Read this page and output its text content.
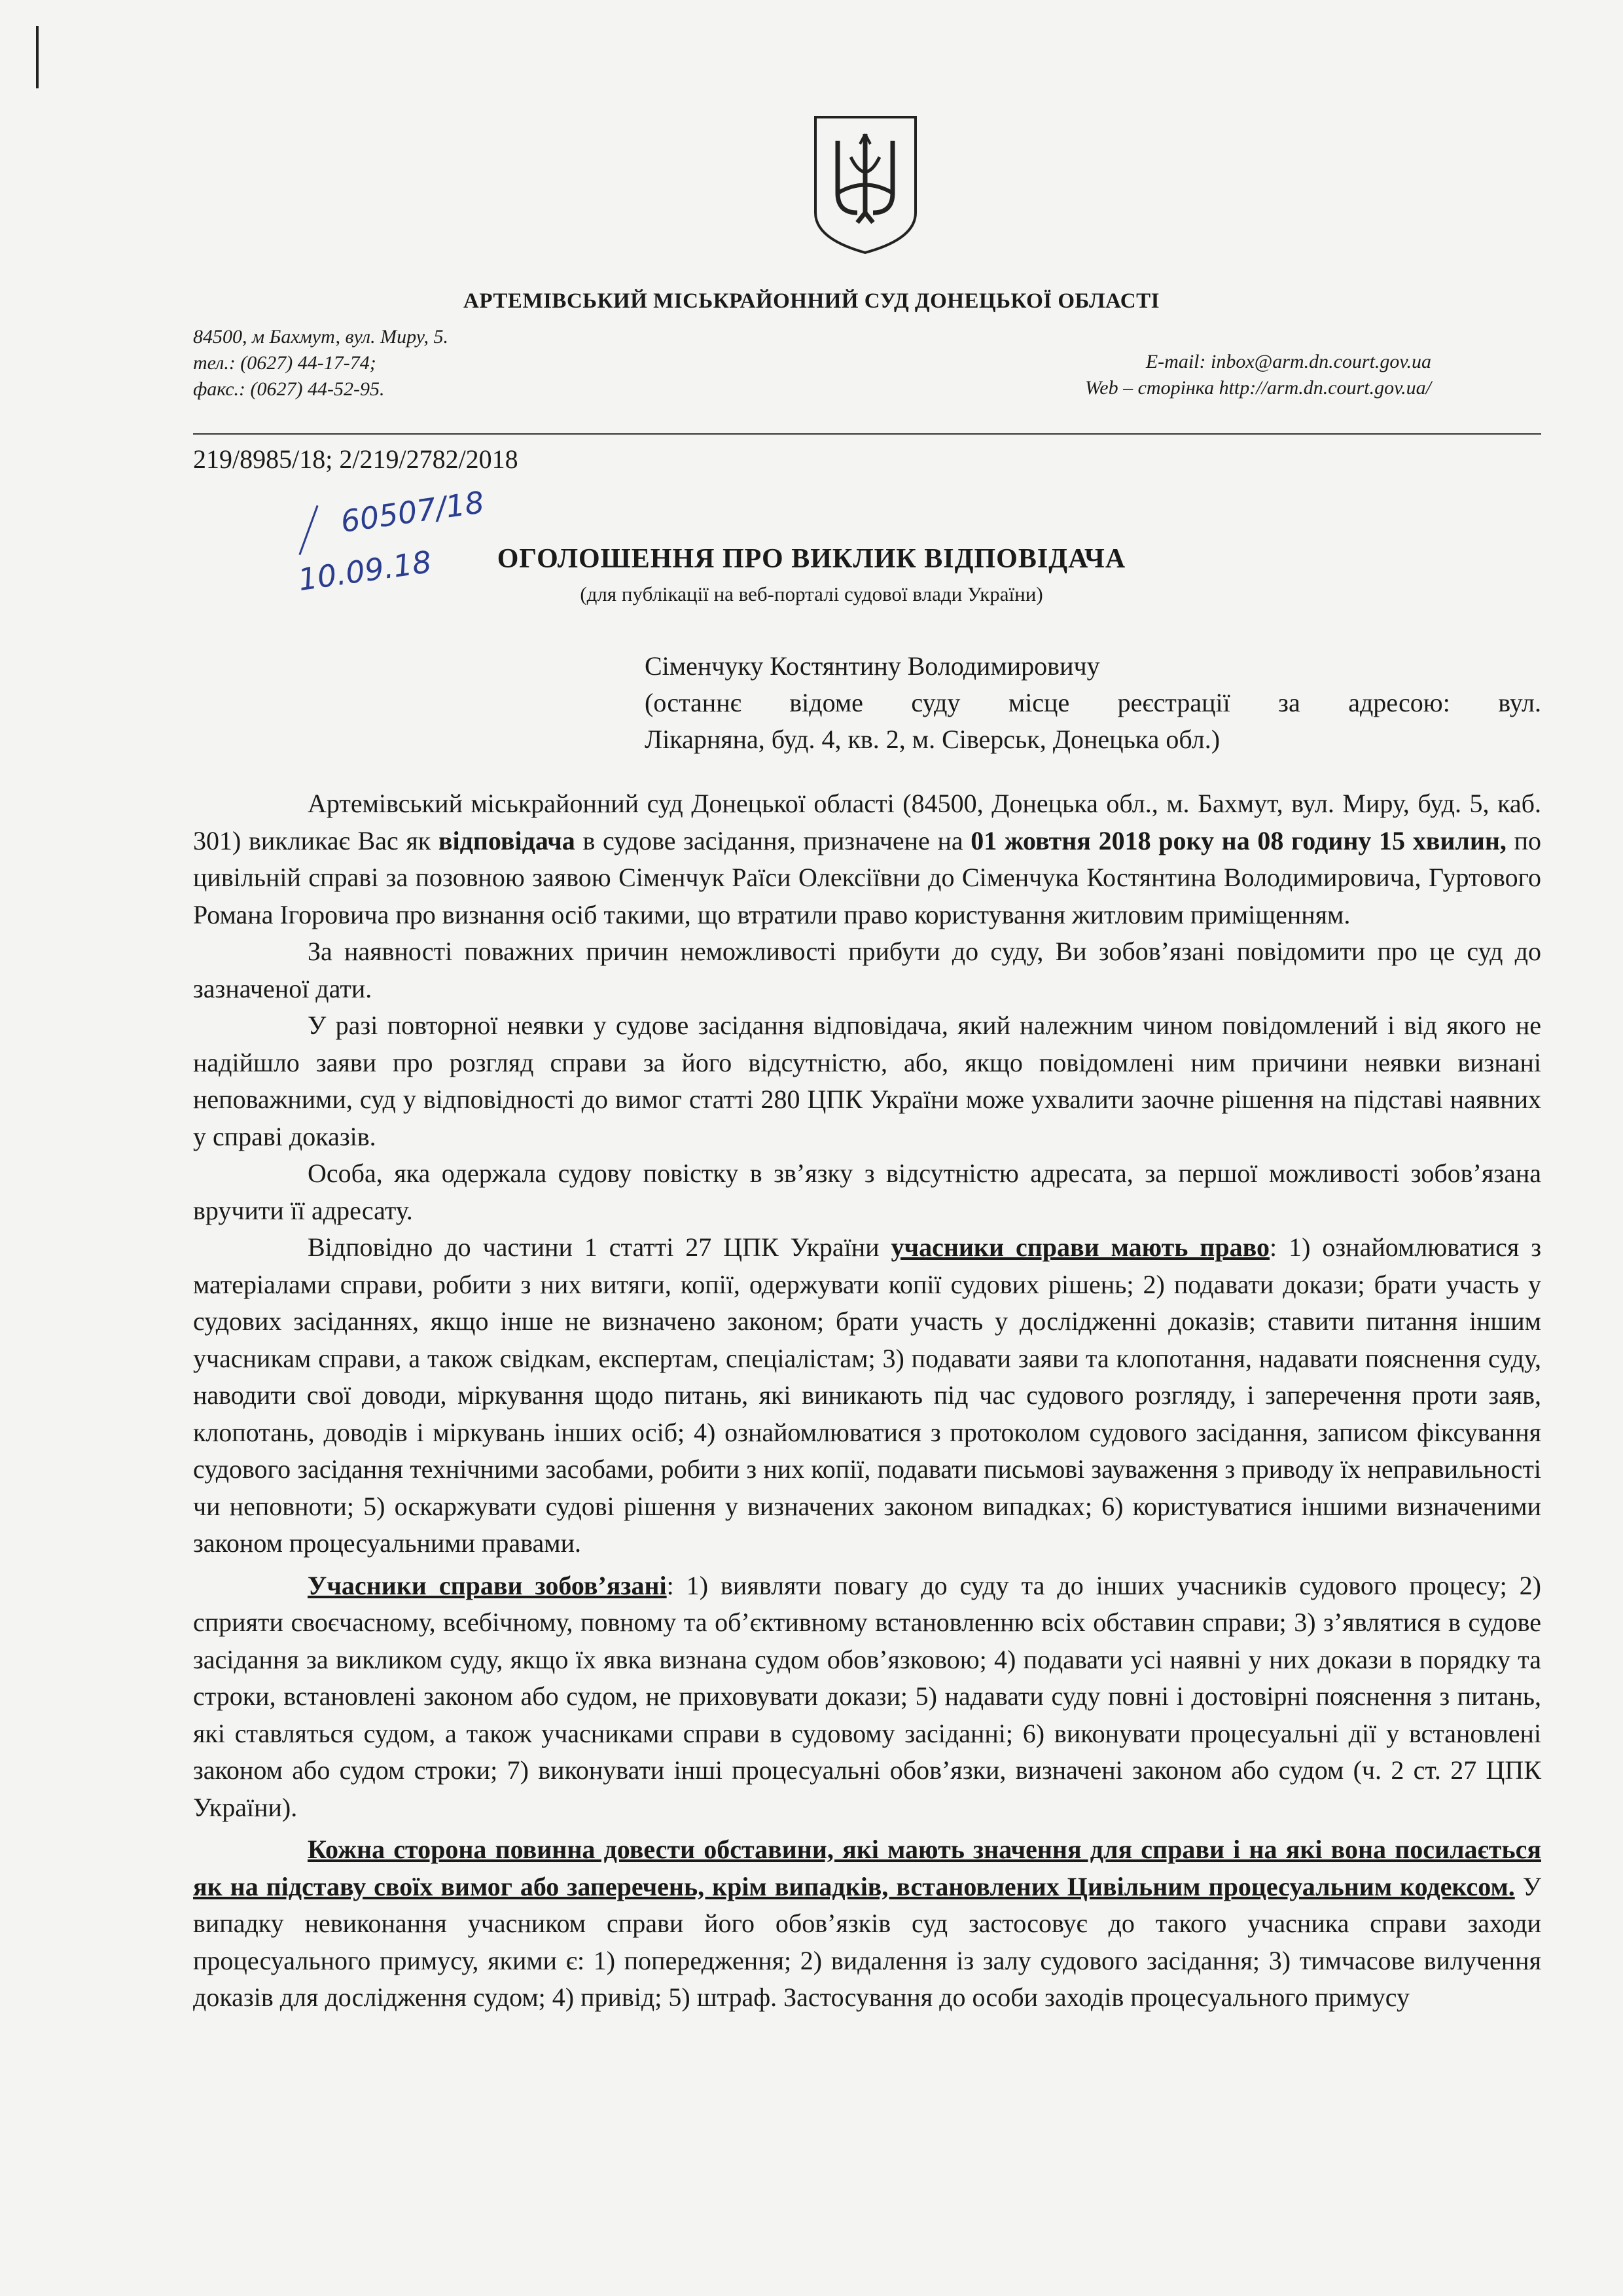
АРТЕМІВСЬКИЙ МІСЬКРАЙОННИЙ СУД ДОНЕЦЬКОЇ ОБЛАСТІ
84500, м Бахмут, вул. Миру, 5.
тел.: (0627) 44-17-74;
факс.: (0627) 44-52-95.
E-mail: inbox@arm.dn.court.gov.ua
Web – сторінка http://arm.dn.court.gov.ua/
219/8985/18; 2/219/2782/2018
60507/18
10.09.18	ОГОЛОШЕННЯ ПРО ВИКЛИК ВІДПОВІДАЧА
(для публікації на веб-порталі судової влади України)
Сіменчуку Костянтину Володимировичу
(останнє відоме суду місце реєстрації за адресою: вул.
Лікарняна, буд. 4, кв. 2, м. Сіверськ, Донецька обл.)

Артемівський міськрайонний суд Донецької області (84500, Донецька обл., м. Бахмут, вул. Миру, буд. 5, каб. 301) викликає Вас як відповідача в судове засідання, призначене на 01 жовтня 2018 року на 08 годину 15 хвилин, по цивільній справі за позовною заявою Сіменчук Раїси Олексіївни до Сіменчука Костянтина Володимировича, Гуртового Романа Ігоровича про визнання осіб такими, що втратили право користування житловим приміщенням.

За наявності поважних причин неможливості прибути до суду, Ви зобов’язані повідомити про це суд до зазначеної дати.

У разі повторної неявки у судове засідання відповідача, який належним чином повідомлений і від якого не надійшло заяви про розгляд справи за його відсутністю, або, якщо повідомлені ним причини неявки визнані неповажними, суд у відповідності до вимог статті 280 ЦПК України може ухвалити заочне рішення на підставі наявних у справі доказів.

Особа, яка одержала судову повістку в зв’язку з відсутністю адресата, за першої можливості зобов’язана вручити її адресату.

Відповідно до частини 1 статті 27 ЦПК України учасники справи мають право: 1) ознайомлюватися з матеріалами справи, робити з них витяги, копії, одержувати копії судових рішень; 2) подавати докази; брати участь у судових засіданнях, якщо інше не визначено законом; брати участь у дослідженні доказів; ставити питання іншим учасникам справи, а також свідкам, експертам, спеціалістам; 3) подавати заяви та клопотання, надавати пояснення суду, наводити свої доводи, міркування щодо питань, які виникають під час судового розгляду, і заперечення проти заяв, клопотань, доводів і міркувань інших осіб; 4) ознайомлюватися з протоколом судового засідання, записом фіксування судового засідання технічними засобами, робити з них копії, подавати письмові зауваження з приводу їх неправильності чи неповноти; 5) оскаржувати судові рішення у визначених законом випадках; 6) користуватися іншими визначеними законом процесуальними правами.

Учасники справи зобов’язані: 1) виявляти повагу до суду та до інших учасників судового процесу; 2) сприяти своєчасному, всебічному, повному та об’єктивному встановленню всіх обставин справи; 3) з’являтися в судове засідання за викликом суду, якщо їх явка визнана судом обов’язковою; 4) подавати усі наявні у них докази в порядку та строки, встановлені законом або судом, не приховувати докази; 5) надавати суду повні і достовірні пояснення з питань, які ставляться судом, а також учасниками справи в судовому засіданні; 6) виконувати процесуальні дії у встановлені законом або судом строки; 7) виконувати інші процесуальні обов’язки, визначені законом або судом (ч. 2 ст. 27 ЦПК України).

Кожна сторона повинна довести обставини, які мають значення для справи і на які вона посилається як на підставу своїх вимог або заперечень, крім випадків, встановлених Цивільним процесуальним кодексом. У випадку невиконання учасником справи його обов’язків суд застосовує до такого учасника справи заходи процесуального примусу, якими є: 1) попередження; 2) видалення із залу судового засідання; 3) тимчасове вилучення доказів для дослідження судом; 4) привід; 5) штраф. Застосування до особи заходів процесуального примусу
